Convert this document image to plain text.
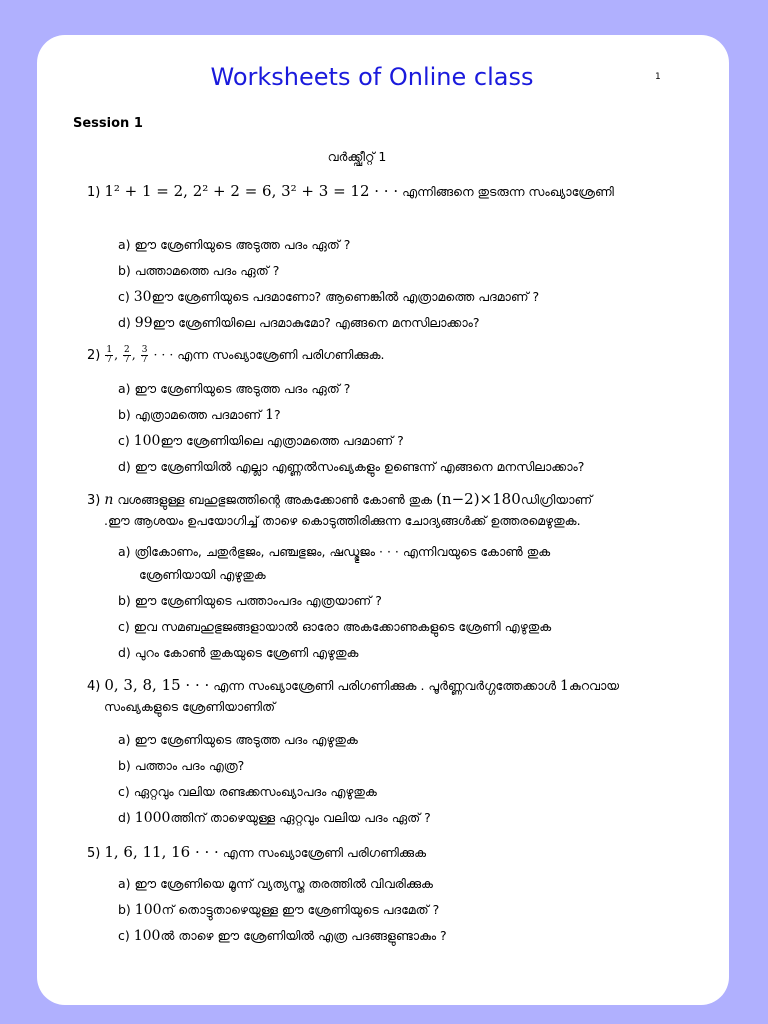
Worksheets of Online class	1
Session 1
വർക്ക്ഷീറ്റ് 1
1) 1² + 1 = 2, 2² + 2 = 6, 3² + 3 = 12 · · · എന്നിങ്ങനെ തുടരുന്ന സംഖ്യാശ്രേണി
a) ഈ ശ്രേണിയുടെ അടുത്ത പദം ഏത് ?
b) പത്താമത്തെ പദം ഏത് ?
c) 30ഈ ശ്രേണിയുടെ പദമാണോ? ആണെങ്കിൽ എത്രാമത്തെ പദമാണ് ?
d) 99ഈ ശ്രേണിയിലെ പദമാകുമോ? എങ്ങനെ മനസിലാക്കാം?
$2) \frac{1}{7}$ , $\frac{2}{7}$ , $\frac{3}{7}$ · · · എന്ന സംഖ്യാശ്രേണി പരിഗണിക്കുക.
a) ഈ ശ്രേണിയുടെ അടുത്ത പദം ഏത് ?
b) എത്രാമത്തെ പദമാണ് 1?
c) 100ഈ ശ്രേണിയിലെ എത്രാമത്തെ പദമാണ് ?
d) ഈ ശ്രേണിയിൽ എല്ലാ എണ്ണൽസംഖ്യകളും ഉണ്ടെന്ന് എങ്ങനെ മനസിലാക്കാം?
3) n വശങ്ങളുള്ള ബഹുഭുജത്തിന്റെ അകക്കോൺ കോൺ തുക (n−2)×180ഡിഗ്രിയാണ്
.ഈ ആശയം ഉപയോഗിച്ച് താഴെ കൊടുത്തിരിക്കുന്ന ചോദ്യങ്ങൾക്ക് ഉത്തരമെഴുതുക.
a) ത്രികോണം, ചതുർഭുജം, പഞ്ചഭുജം, ഷഡ്ഭുജം · · · എന്നിവയുടെ കോൺ തുക
ശ്രേണിയായി എഴുതുക
b) ഈ ശ്രേണിയുടെ പത്താംപദം എത്രയാണ് ?
c) ഇവ സമബഹുഭുജങ്ങളായാൽ ഓരോ അകക്കോണുകളുടെ ശ്രേണി എഴുതുക
d) പുറം കോൺ തുകയുടെ ശ്രേണി എഴുതുക
4) 0, 3, 8, 15 · · · എന്ന സംഖ്യാശ്രേണി പരിഗണിക്കുക . പൂർണ്ണവർഗ്ഗത്തേക്കാൾ 1കുറവായ
സംഖ്യകളുടെ ശ്രേണിയാണിത്
a) ഈ ശ്രേണിയുടെ അടുത്ത പദം എഴുതുക
b) പത്താം പദം എത്ര?
c) ഏറ്റവും വലിയ രണ്ടക്കസംഖ്യാപദം എഴുതുക
d) 1000ത്തിന് താഴെയുള്ള ഏറ്റവും വലിയ പദം ഏത് ?
5) 1, 6, 11, 16 · · · എന്ന സംഖ്യാശ്രേണി പരിഗണിക്കുക
a) ഈ ശ്രേണിയെ മൂന്ന് വ്യത്യസ്ത തരത്തിൽ വിവരിക്കുക
b) 100ന് തൊട്ടുതാഴെയുള്ള ഈ ശ്രേണിയുടെ പദമേത് ?
c) 100ൽ താഴെ ഈ ശ്രേണിയിൽ എത്ര പദങ്ങളുണ്ടാകും ?
